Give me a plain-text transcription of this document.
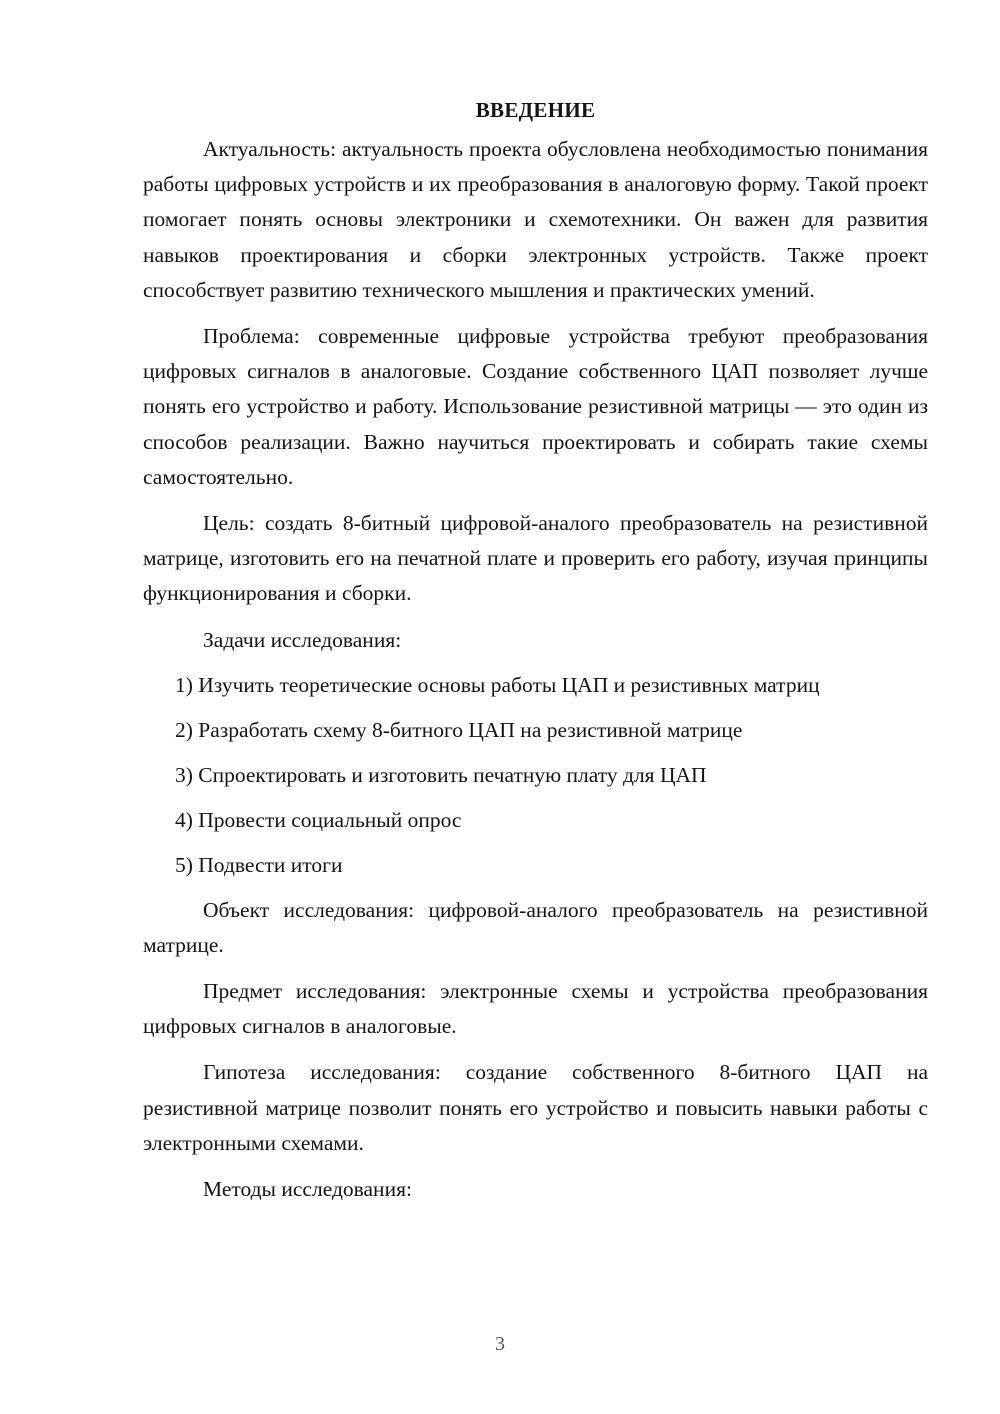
ВВЕДЕНИЕ

Актуальность: актуальность проекта обусловлена необходимостью понимания работы цифровых устройств и их преобразования в аналоговую форму. Такой проект помогает понять основы электроники и схемотехники. Он важен для развития навыков проектирования и сборки электронных устройств. Также проект способствует развитию технического мышления и практических умений.

Проблема: современные цифровые устройства требуют преобразования цифровых сигналов в аналоговые. Создание собственного ЦАП позволяет лучше понять его устройство и работу. Использование резистивной матрицы — это один из способов реализации. Важно научиться проектировать и собирать такие схемы самостоятельно.

Цель: создать 8-битный цифровой-аналого преобразователь на резистивной матрице, изготовить его на печатной плате и проверить его работу, изучая принципы функционирования и сборки.

Задачи исследования:
1) Изучить теоретические основы работы ЦАП и резистивных матриц
2) Разработать схему 8-битного ЦАП на резистивной матрице
3) Спроектировать и изготовить печатную плату для ЦАП
4) Провести социальный опрос
5) Подвести итоги

Объект исследования: цифровой-аналого преобразователь на резистивной матрице.

Предмет исследования: электронные схемы и устройства преобразования цифровых сигналов в аналоговые.

Гипотеза исследования: создание собственного 8-битного ЦАП на резистивной матрице позволит понять его устройство и повысить навыки работы с электронными схемами.

Методы исследования:
3
